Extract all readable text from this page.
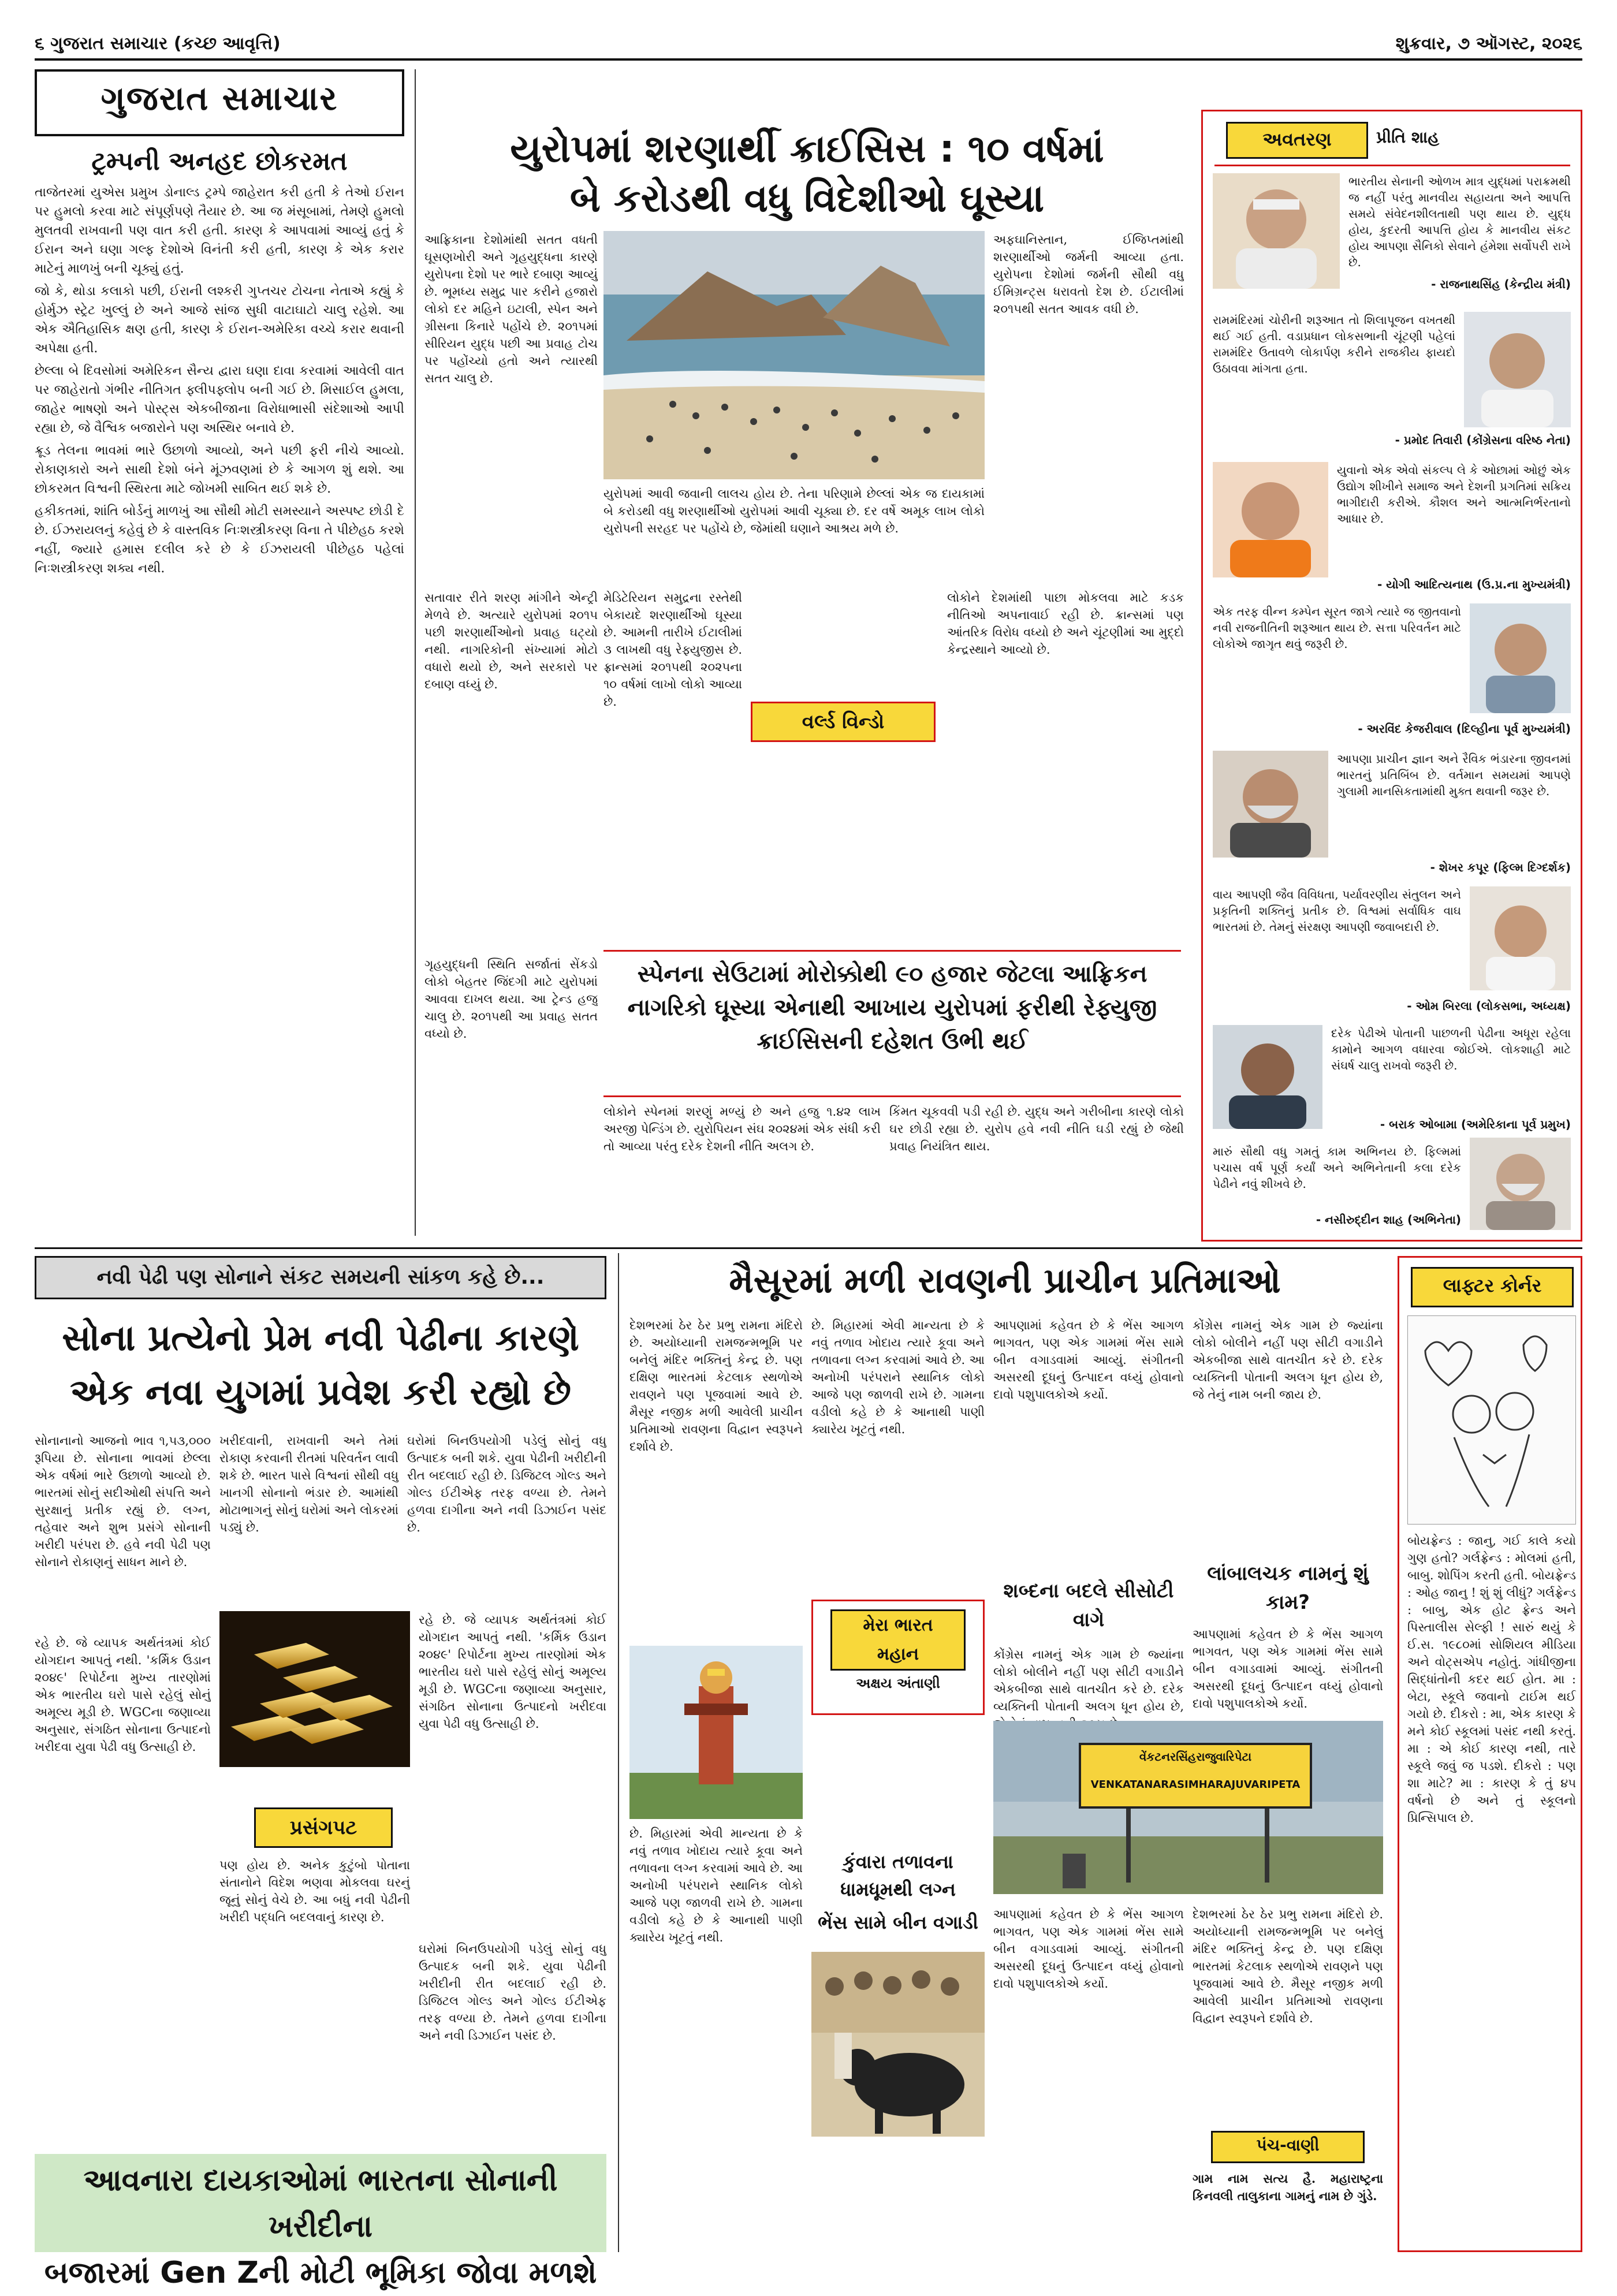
૬ ગુજરાત સમાચાર (કચ્છ આવૃત્તિ)	શુક્રવાર, ૭ ઑગસ્ટ, ૨૦૨૬
ગુજરાત સમાચાર
ટ્રમ્પની અનહદ છોકરમત

તાજેતરમાં યુએસ પ્રમુખ ડોનાલ્ડ ટ્રમ્પે જાહેરાત કરી હતી કે તેઓ ઈરાન પર હુમલો કરવા માટે સંપૂર્ણપણે તૈયાર છે. આ જ મંસૂબામાં, તેમણે હુમલો મુલતવી રાખવાની પણ વાત કરી હતી. કારણ કે આપવામાં આવ્યું હતું કે ઈરાન અને ઘણા ગલ્ફ દેશોએ વિનંતી કરી હતી, કારણ કે એક કરાર માટેનું માળખું બની ચૂક્યું હતું.

જો કે, થોડા કલાકો પછી, ઈરાની લશ્કરી ગુપ્તચર ટોચના નેતાએ કહ્યું કે હોર્મુઝ સ્ટ્રેટ ખુલ્લું છે અને આજે સાંજ સુધી વાટાઘાટો ચાલુ રહેશે. આ એક ઐતિહાસિક ક્ષણ હતી, કારણ કે ઈરાન-અમેરિકા વચ્ચે કરાર થવાની અપેક્ષા હતી.

છેલ્લા બે દિવસોમાં અમેરિકન સૈન્ય દ્વારા ઘણા દાવા કરવામાં આવેલી વાત પર જાહેરાતો ગંભીર નીતિગત ફ્લીપફ્લોપ બની ગઈ છે. મિસાઈલ હુમલા, જાહેર ભાષણો અને પોસ્ટ્સ એકબીજાના વિરોધાભાસી સંદેશાઓ આપી રહ્યા છે, જે વૈશ્વિક બજારોને પણ અસ્થિર બનાવે છે.

ક્રૂડ તેલના ભાવમાં ભારે ઉછાળો આવ્યો, અને પછી ફરી નીચે આવ્યો. રોકાણકારો અને સાથી દેશો બંને મૂંઝવણમાં છે કે આગળ શું થશે. આ છોકરમત વિશ્વની સ્થિરતા માટે જોખમી સાબિત થઈ શકે છે.

હકીકતમાં, શાંતિ બોર્ડનું માળખું આ સૌથી મોટી સમસ્યાને અસ્પષ્ટ છોડી દે છે. ઈઝરાયલનું કહેવું છે કે વાસ્તવિક નિઃશસ્ત્રીકરણ વિના તે પીછેહઠ કરશે નહીં, જ્યારે હમાસ દલીલ કરે છે કે ઈઝરાયલી પીછેહઠ પહેલાં નિઃશસ્ત્રીકરણ શક્ય નથી.

યુરોપમાં શરણાર્થી ક્રાઈસિસ : ૧૦ વર્ષમાં
બે કરોડથી વધુ વિદેશીઓ ઘૂસ્યા
આફ્રિકાના દેશોમાંથી સતત વધતી ઘૂસણખોરી અને ગૃહયુદ્ધના કારણે યુરોપના દેશો પર ભારે દબાણ આવ્યું છે. ભૂમધ્ય સમુદ્ર પાર કરીને હજારો લોકો દર મહિને ઇટાલી, સ્પેન અને ગ્રીસના કિનારે પહોંચે છે. ૨૦૧૫માં સીરિયન યુદ્ધ પછી આ પ્રવાહ ટોચ પર પહોંચ્યો હતો અને ત્યારથી સતત ચાલુ છે.
અફઘાનિસ્તાન, ઈજિપ્તમાંથી શરણાર્થીઓ જર્મની આવ્યા હતા. યુરોપના દેશોમાં જર્મની સૌથી વધુ ઈમિગ્રન્ટ્સ ધરાવતો દેશ છે. ઈટાલીમાં ૨૦૧૫થી સતત આવક વધી છે.
યુરોપમાં આવી જવાની લાલચ હોય છે. તેના પરિણામે છેલ્લાં એક જ દાયકામાં બે કરોડથી વધુ શરણાર્થીઓ યુરોપમાં આવી ચૂક્યા છે. દર વર્ષે અમૂક લાખ લોકો યુરોપની સરહદ પર પહોંચે છે, જેમાંથી ઘણાને આશ્રય મળે છે.
સતાવાર રીતે શરણ માંગીને એન્ટ્રી મેળવે છે. અત્યારે યુરોપમાં ૨૦૧૫ પછી શરણાર્થીઓનો પ્રવાહ ઘટ્યો નથી. નાગરિકોની સંખ્યામાં મોટો વધારો થયો છે, અને સરકારો પર દબાણ વધ્યું છે.
વર્લ્ડ વિન્ડો
મેડિટેરિયન સમુદ્રના રસ્તેથી બેકાયદે શરણાર્થીઓ ઘૂસ્યા છે. આમની તારીખે ઈટાલીમાં ૩ લાખથી વધુ રેફ્યુજીસ છે. ફ્રાન્સમાં ૨૦૧૫થી ૨૦૨૫ના ૧૦ વર્ષમાં લાખો લોકો આવ્યા છે.
લોકોને દેશમાંથી પાછા મોકલવા માટે કડક નીતિઓ અપનાવાઈ રહી છે. ક્રાન્સમાં પણ આંતરિક વિરોધ વધ્યો છે અને ચૂંટણીમાં આ મુદ્દો કેન્દ્રસ્થાને આવ્યો છે.
સ્પેનના સેઉટામાં મોરોક્કોથી ૯૦ હજાર જેટલા આફ્રિકન નાગરિકો ઘૂસ્યા એનાથી આખાય યુરોપમાં ફરીથી રેફ્યુજી ક્રાઈસિસની દહેશત ઉભી થઈ
ગૃહયુદ્ધની સ્થિતિ સર્જાતાં સેંકડો લોકો બેહતર જિંદગી માટે યુરોપમાં આવવા દાખલ થયા. આ ટ્રેન્ડ હજુ ચાલુ છે. ૨૦૧૫થી આ પ્રવાહ સતત વધ્યો છે.
લોકોને સ્પેનમાં શરણું મળ્યું છે અને હજુ ૧.૪૨ લાખ અરજી પેન્ડિંગ છે. યુરોપિયન સંઘ ૨૦૨૪માં એક સંધી કરી તો આવ્યા પરંતુ દરેક દેશની નીતિ અલગ છે.
કિંમત ચૂકવવી પડી રહી છે. યુદ્ધ અને ગરીબીના કારણે લોકો ઘર છોડી રહ્યા છે. યુરોપ હવે નવી નીતિ ઘડી રહ્યું છે જેથી પ્રવાહ નિયંત્રિત થાય.
અવતરણ	પ્રીતિ શાહ
ભારતીય સેનાની ઓળખ માત્ર યુદ્ધમાં પરાક્રમથી જ નહીં પરંતુ માનવીય સહાયતા અને આપત્તિ સમયે સંવેદનશીલતાથી પણ થાય છે. યુદ્ધ હોય, કુદરતી આપત્તિ હોય કે માનવીય સંકટ હોય આપણા સૈનિકો સેવાને હંમેશા સર્વોપરી રાખે છે.
- રાજનાથસિંહ (કેન્દ્રીય મંત્રી)
રામમંદિરમાં ચોરીની શરૂઆત તો શિલાપૂજન વખતથી થઈ ગઈ હતી. વડાપ્રધાન લોકસભાની ચૂંટણી પહેલાં રામમંદિર ઉતાવળે લોકાર્પણ કરીને રાજકીય ફાયદો ઉઠાવવા માંગતા હતા.
- પ્રમોદ તિવારી (કોંગ્રેસના વરિષ્ઠ નેતા)
યુવાનો એક એવો સંકલ્પ લે કે ઓછામાં ઓછું એક ઉદ્યોગ શીખીને સમાજ અને દેશની પ્રગતિમાં સક્રિય ભાગીદારી કરીએ. કૌશલ અને આત્મનિર્ભરતાનો આધાર છે.
- યોગી આદિત્યનાથ (ઉ.પ્ર.ના મુખ્યમંત્રી)
એક તરફ વીન્ન કમ્પેન સૂરત જાગે ત્યારે જ જીતવાનો નવી રાજનીતિની શરૂઆત થાય છે. સત્તા પરિવર્તન માટે લોકોએ જાગૃત થવું જરૂરી છે.
- અરવિંદ કેજરીવાલ (દિલ્હીના પૂર્વ મુખ્યમંત્રી)
આપણા પ્રાચીન જ્ઞાન અને રૈવિક ભંડારના જીવનમાં ભારતનું પ્રતિબિંબ છે. વર્તમાન સમયમાં આપણે ગુલામી માનસિકતામાંથી મુક્ત થવાની જરૂર છે.
- શેખર કપૂર (ફિલ્મ દિગ્દર્શક)
વાય આપણી જૈવ વિવિધતા, પર્યાવરણીય સંતુલન અને પ્રકૃતિની શક્તિનું પ્રતીક છે. વિશ્વમાં સર્વાધિક વાઘ ભારતમાં છે. તેમનું સંરક્ષણ આપણી જવાબદારી છે.
- ઓમ બિરલા (લોકસભા, અધ્યક્ષ)
દરેક પેઢીએ પોતાની પાછળની પેઢીના અધૂરા રહેલા કામોને આગળ વધારવા જોઈએ. લોકશાહી માટે સંઘર્ષ ચાલુ રાખવો જરૂરી છે.
- બરાક ઓબામા (અમેરિકાના પૂર્વ પ્રમુખ)
મારું સૌથી વધુ ગમતું કામ અભિનય છે. ફિલ્મમાં પચાસ વર્ષ પૂર્ણ કર્યાં અને અભિનેતાની કલા દરેક પેઢીને નવું શીખવે છે.
- નસીરુદ્દીન શાહ (અભિનેતા)
નવી પેઢી પણ સોનાને સંકટ સમયની સાંકળ કહે છે...
સોના પ્રત્યેનો પ્રેમ નવી પેઢીના કારણે
એક નવા યુગમાં પ્રવેશ કરી રહ્યો છે
સોનાનાનો આજનો ભાવ ૧,૫૩,૦૦૦ રૂપિયા છે. સોનાના ભાવમાં છેલ્લા એક વર્ષમાં ભારે ઉછાળો આવ્યો છે. ભારતમાં સોનું સદીઓથી સંપત્તિ અને સુરક્ષાનું પ્રતીક રહ્યું છે. લગ્ન, તહેવાર અને શુભ પ્રસંગે સોનાની ખરીદી પરંપરા છે. હવે નવી પેઢી પણ સોનાને રોકાણનું સાધન માને છે.
ખરીદવાની, રાખવાની અને તેમાં રોકાણ કરવાની રીતમાં પરિવર્તન લાવી શકે છે. ભારત પાસે વિશ્વનાં સૌથી વધુ ખાનગી સોનાનો ભંડાર છે. આમાંથી મોટાભાગનું સોનું ઘરોમાં અને લોકરમાં પડ્યું છે.
ઘરોમાં બિનઉપયોગી પડેલું સોનું વધુ ઉત્પાદક બની શકે. યુવા પેઢીની ખરીદીની રીત બદલાઈ રહી છે. ડિજિટલ ગોલ્ડ અને ગોલ્ડ ઈટીએફ તરફ વળ્યા છે. તેમને હળવા દાગીના અને નવી ડિઝાઈન પસંદ છે.
રહે છે. જે વ્યાપક અર્થતંત્રમાં કોઈ યોગદાન આપતું નથી. 'કર્મિક ઉડાન ૨૦૪૯' રિપોર્ટના મુખ્ય તારણોમાં એક ભારતીય ઘરો પાસે રહેલું સોનું અમૂલ્ય મૂડી છે. WGCના જણાવ્યા અનુસાર, સંગઠિત સોનાના ઉત્પાદનો ખરીદવા યુવા પેઢી વધુ ઉત્સાહી છે.
રહે છે. જે વ્યાપક અર્થતંત્રમાં કોઈ યોગદાન આપતું નથી. 'કર્મિક ઉડાન ૨૦૪૯' રિપોર્ટના મુખ્ય તારણોમાં એક ભારતીય ઘરો પાસે રહેલું સોનું અમૂલ્ય મૂડી છે. WGCના જણાવ્યા અનુસાર, સંગઠિત સોનાના ઉત્પાદનો ખરીદવા યુવા પેઢી વધુ ઉત્સાહી છે.
પ્રસંગપટ
પણ હોય છે. અનેક કુટુંબો પોતાના સંતાનોને વિદેશ ભણવા મોકલવા ઘરનું જૂનું સોનું વેચે છે. આ બધું નવી પેઢીની ખરીદી પદ્ધતિ બદલવાનું કારણ છે.
ઘરોમાં બિનઉપયોગી પડેલું સોનું વધુ ઉત્પાદક બની શકે. યુવા પેઢીની ખરીદીની રીત બદલાઈ રહી છે. ડિજિટલ ગોલ્ડ અને ગોલ્ડ ઈટીએફ તરફ વળ્યા છે. તેમને હળવા દાગીના અને નવી ડિઝાઈન પસંદ છે.
આવનારા દાયકાઓમાં ભારતના સોનાની ખરીદીના
બજારમાં Gen Zની મોટી ભૂમિકા જોવા મળશે
મૈસૂરમાં મળી રાવણની પ્રાચીન પ્રતિમાઓ
દેશભરમાં ઠેર ઠેર પ્રભુ રામના મંદિરો છે. અયોધ્યાની રામજન્મભૂમિ પર બનેલું મંદિર ભક્તિનું કેન્દ્ર છે. પણ દક્ષિણ ભારતમાં કેટલાક સ્થળોએ રાવણને પણ પૂજવામાં આવે છે. મૈસૂર નજીક મળી આવેલી પ્રાચીન પ્રતિમાઓ રાવણના વિદ્વાન સ્વરૂપને દર્શાવે છે.
છે. મિહારમાં એવી માન્યતા છે કે નવું તળાવ ખોદાય ત્યારે કૂવા અને તળાવના લગ્ન કરવામાં આવે છે. આ અનોખી પરંપરાને સ્થાનિક લોકો આજે પણ જાળવી રાખે છે. ગામના વડીલો કહે છે કે આનાથી પાણી ક્યારેય ખૂટતું નથી.
આપણામાં કહેવત છે કે ભેંસ આગળ ભાગવત, પણ એક ગામમાં ભેંસ સામે બીન વગાડવામાં આવ્યું. સંગીતની અસરથી દૂધનું ઉત્પાદન વધ્યું હોવાનો દાવો પશુપાલકોએ કર્યો.
કોંગ્રેસ નામનું એક ગામ છે જ્યાંના લોકો બોલીને નહીં પણ સીટી વગાડીને એકબીજા સાથે વાતચીત કરે છે. દરેક વ્યક્તિની પોતાની અલગ ધૂન હોય છે, જે તેનું નામ બની જાય છે.
મેરા ભારત
મહાન
અક્ષય અંતાણી
છે. મિહારમાં એવી માન્યતા છે કે નવું તળાવ ખોદાય ત્યારે કૂવા અને તળાવના લગ્ન કરવામાં આવે છે. આ અનોખી પરંપરાને સ્થાનિક લોકો આજે પણ જાળવી રાખે છે. ગામના વડીલો કહે છે કે આનાથી પાણી ક્યારેય ખૂટતું નથી.
શબ્દના બદલે સીસોટી વાગે
કોંગ્રેસ નામનું એક ગામ છે જ્યાંના લોકો બોલીને નહીં પણ સીટી વગાડીને એકબીજા સાથે વાતચીત કરે છે. દરેક વ્યક્તિની પોતાની અલગ ધૂન હોય છે,
લાંબાલચક નામનું શું કામ?
આપણામાં કહેવત છે કે ભેંસ આગળ ભાગવત, પણ એક ગામમાં ભેંસ સામે બીન વગાડવામાં આવ્યું. સંગીતની અસરથી દૂધનું ઉત્પાદન વધ્યું હોવાનો દાવો પશુપાલકોએ કર્યો.
વેંકટનરસિંહરાજુવારિપેટા
VENKATANARASIMHARAJUVARIPETA
કુંવારા તળાવના ધામધૂમથી લગ્ન
ભેંસ સામે બીન વગાડી	આપણામાં કહેવત છે કે ભેંસ આગળ ભાગવત, પણ એક ગામમાં ભેંસ સામે બીન વગાડવામાં આવ્યું. સંગીતની અસરથી દૂધનું ઉત્પાદન વધ્યું હોવાનો દાવો પશુપાલકોએ કર્યો.
દેશભરમાં ઠેર ઠેર પ્રભુ રામના મંદિરો છે. અયોધ્યાની રામજન્મભૂમિ પર બનેલું મંદિર ભક્તિનું કેન્દ્ર છે. પણ દક્ષિણ ભારતમાં કેટલાક સ્થળોએ રાવણને પણ પૂજવામાં આવે છે. મૈસૂર નજીક મળી આવેલી પ્રાચીન પ્રતિમાઓ રાવણના વિદ્વાન સ્વરૂપને દર્શાવે છે.
પંચ-વાણી
ગામ નામ સત્ય હૈ. મહારાષ્ટ્રના કિનવલી તાલુકાના ગામનું નામ છે ગુંડે.
લાફ્ટર કોર્નર
બોયફ્રેન્ડ : જાનુ, ગઈ કાલે કયો ગુણ હતો? ગર્લફ્રેન્ડ : મોલમાં હતી, બાબુ. શોપિંગ કરતી હતી. બોયફ્રેન્ડ : ઓહ જાનુ ! શું શું લીધું? ગર્લફ્રેન્ડ : બાબુ, એક હોટ ફ્રેન્ડ અને પિસ્તાલીસ સેલ્ફી ! સારું થયું કે ઈ.સ. ૧૯૮૦માં સોશિયલ મીડિયા અને વોટ્સએપ નહોતું. ગાંધીજીના સિદ્ધાંતોની કદર થઈ હોત. મા : બેટા, સ્કૂલે જવાનો ટાઈમ થઈ ગયો છે. દીકરો : મા, એક કારણ કે મને કોઈ સ્કૂલમાં પસંદ નથી કરતું. મા : એ કોઈ કારણ નથી, તારે સ્કૂલે જવું જ પડશે. દીકરો : પણ શા માટે? મા : કારણ કે તું ૪૫ વર્ષનો છે અને તું સ્કૂલનો પ્રિન્સિપાલ છે.
